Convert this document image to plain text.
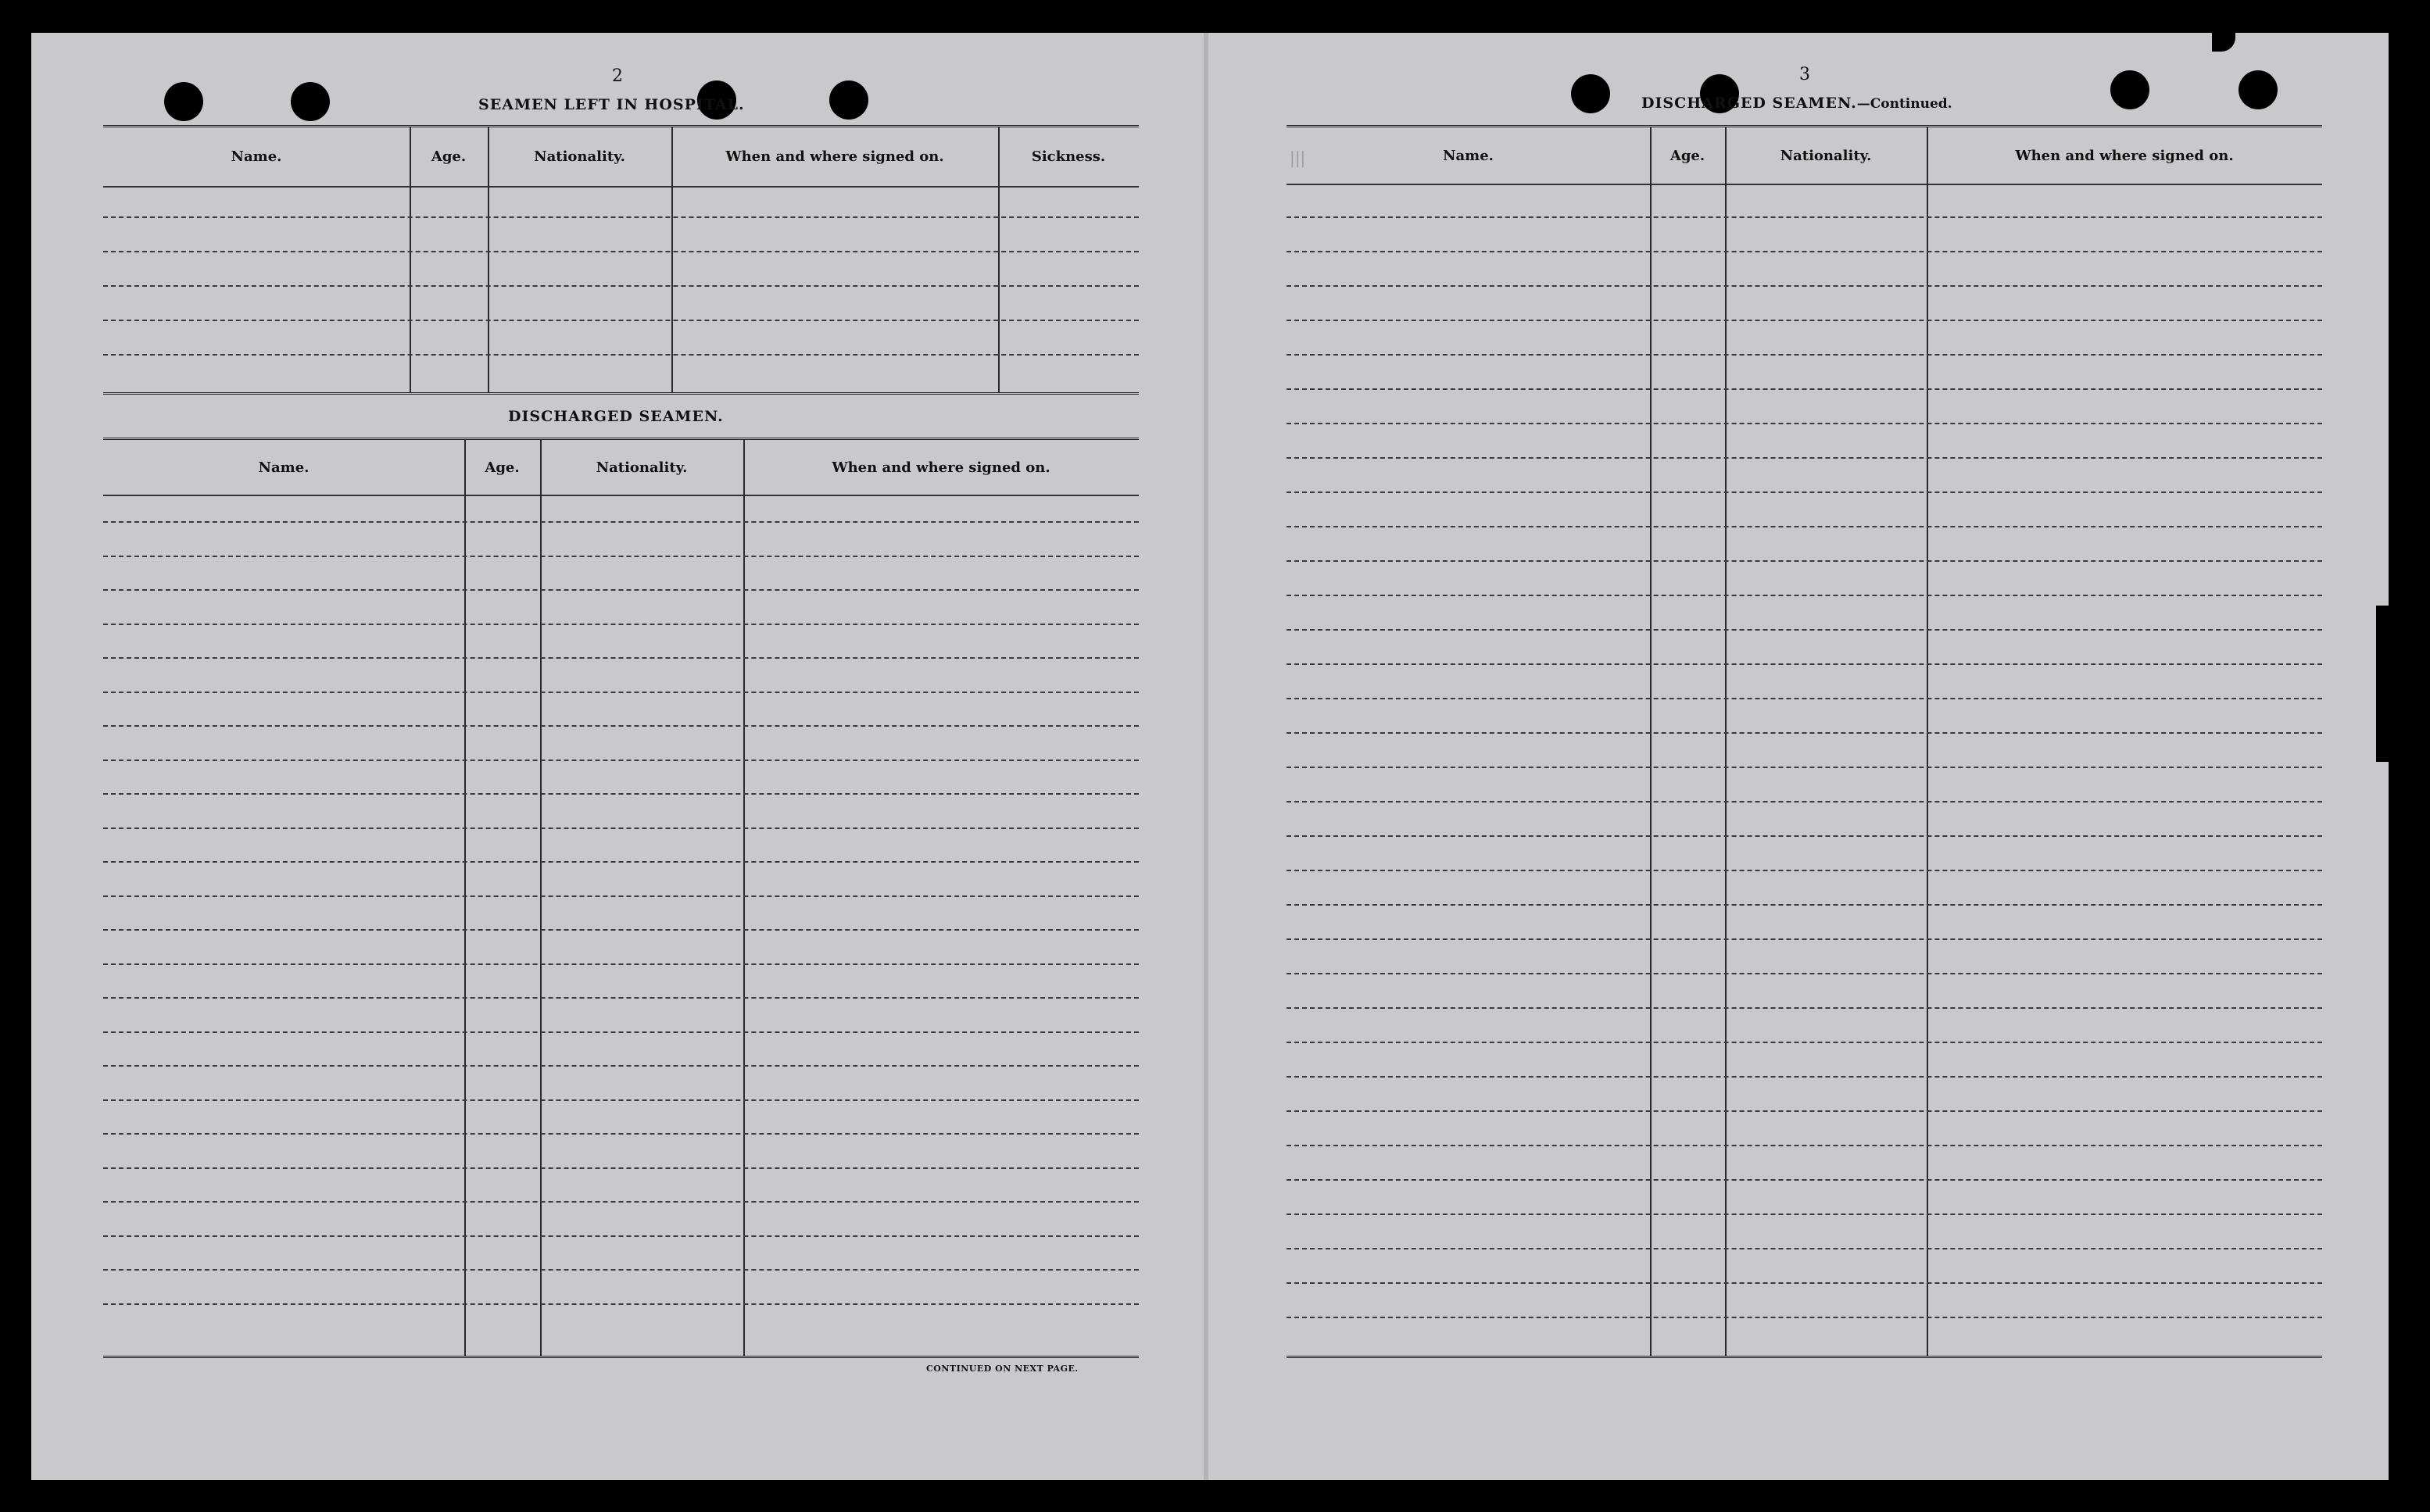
|||
2
SEAMEN LEFT IN HOSPITAL.
Name.	Age.	Nationality.	When and where signed on.	Sickness.
DISCHARGED SEAMEN.
Name.	Age.	Nationality.	When and where signed on.
CONTINUED ON NEXT PAGE.
3
DISCHARGED SEAMEN.—Continued.
Name.	Age.	Nationality.	When and where signed on.
